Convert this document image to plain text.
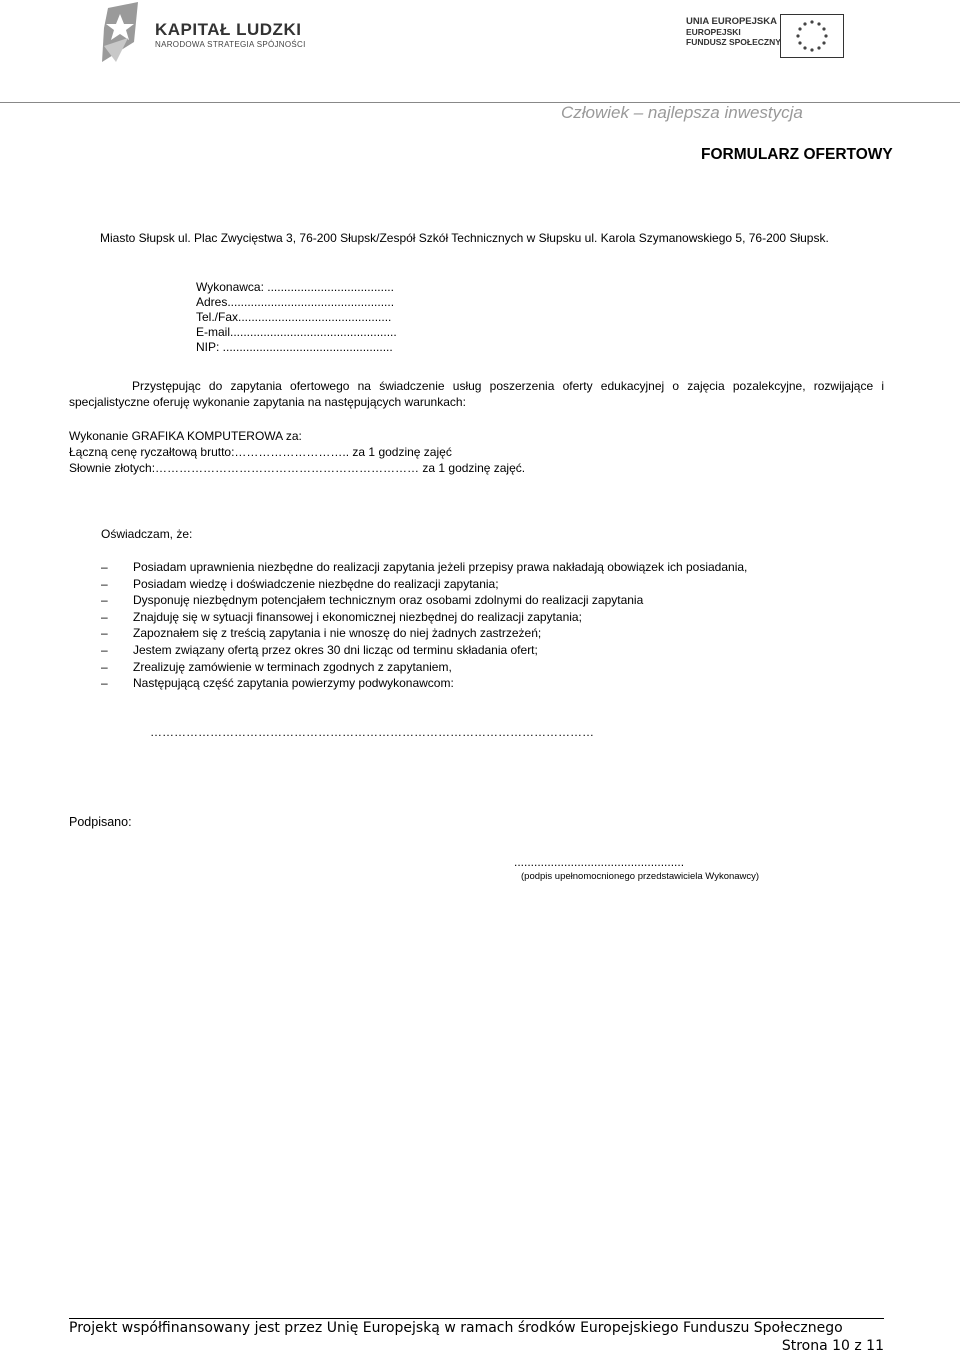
KAPITAŁ LUDZKI
NARODOWA STRATEGIA SPÓJNOŚCI
UNIA EUROPEJSKA
EUROPEJSKI
FUNDUSZ SPOŁECZNY
Człowiek – najlepsza inwestycja
FORMULARZ OFERTOWY
Miasto Słupsk ul. Plac Zwycięstwa 3, 76-200 Słupsk/Zespół Szkół Technicznych w Słupsku ul. Karola Szymanowskiego 5, 76-200 Słupsk.
Wykonawca: ......................................
Adres..................................................
Tel./Fax..............................................
E-mail..................................................
NIP: ...................................................
Przystępując do zapytania ofertowego na świadczenie usług poszerzenia oferty edukacyjnej o zajęcia pozalekcyjne, rozwijające i specjalistyczne oferuję wykonanie zapytania na następujących warunkach:
Wykonanie GRAFIKA KOMPUTEROWA za:
Łączną cenę ryczałtową brutto:……………………….. za 1 godzinę zajęć
Słownie złotych:………………………………………………………… za 1 godzinę zajęć.
Oświadczam, że:
– Posiadam uprawnienia niezbędne do realizacji zapytania jeżeli przepisy prawa nakładają obowiązek ich posiadania,
– Posiadam wiedzę i doświadczenie niezbędne do realizacji zapytania;
– Dysponuję niezbędnym potencjałem technicznym oraz osobami zdolnymi do realizacji zapytania
– Znajduję się w sytuacji finansowej i ekonomicznej niezbędnej do realizacji zapytania;
– Zapoznałem się z treścią zapytania i nie wnoszę do niej żadnych zastrzeżeń;
– Jestem związany ofertą przez okres 30 dni licząc od terminu składania ofert;
– Zrealizuję zamówienie w terminach zgodnych z zapytaniem,
– Następującą część zapytania powierzymy podwykonawcom:
…………………………………………………………………………………………………
Podpisano:
...................................................
(podpis upełnomocnionego przedstawiciela Wykonawcy)
Projekt współfinansowany jest przez Unię Europejską w ramach środków Europejskiego Funduszu Społecznego
Strona 10 z 11
